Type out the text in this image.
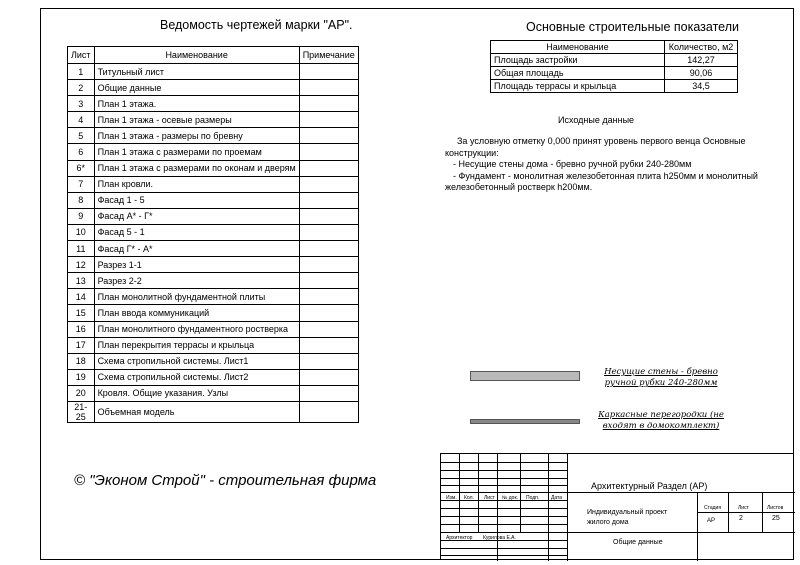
Ведомость чертежей марки "АР".
Лист	Наименование	Примечание
1	Титульный лист	
2	Общие данные	
3	План 1 этажа.	
4	План 1 этажа - осевые размеры	
5	План 1 этажа - размеры по бревну	
6	План 1 этажа с размерами по проемам	
6*	План 1 этажа с размерами по оконам и дверям	
7	План кровли.	
8	Фасад 1 - 5	
9	Фасад А* - Г*	
10	Фасад 5 - 1	
11	Фасад Г* - А*	
12	Разрез 1-1	
13	Разрез 2-2	
14	План монолитной фундаментной плиты	
15	План ввода коммуникаций	
16	План монолитного фундаментного ростверка	
17	План перекрытия террасы и крыльца	
18	Схема стропильной системы. Лист1	
19	Схема стропильной системы. Лист2	
20	Кровля. Общие указания. Узлы	
21-25	Объемная модель	
Основные строительные показатели
Наименование	Количество, м2
Площадь застройки	142,27
Общая площадь	90,06
Площадь террасы и крыльца	34,5
Исходные данные

За условную отметку 0,000 принят уровень первого венца Основные конструкции:

- Несущие стены дома - бревно ручной рубки 240-280мм

- Фундамент - монолитная железобетонная плита h250мм и монолитный железобетонный ростверк h200мм.

Несущие стены - бревно ручной рубки 240-280мм
Каркасные перегородки (не входят в домокомплект)
© "Эконом Строй" - строительная фирма
Изм. Кол. Лист № док. Подп. Дата
Архитектор Курилова Е.А.
Архитектурный Раздел (АР)
Индивидуальный проект жилого дома
Общие данные
Стадия	Лист	Листов
АР	2	25
